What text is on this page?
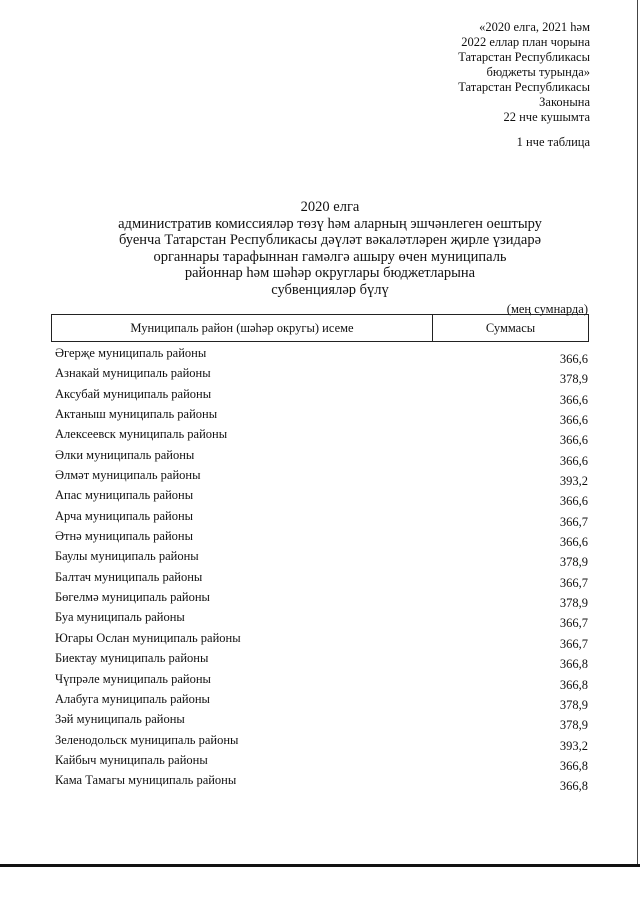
«2020 елга, 2021 һәм
2022 еллар план чорына
Татарстан Республикасы
бюджеты турында»
Татарстан Республикасы
Законына
22 нче кушымта
1 нче таблица
2020 елга
административ комиссияләр төзү һәм аларның эшчәнлеген оештыру
буенча Татарстан Республикасы дәүләт вәкаләтләрен җирле үзидарә
органнары тарафыннан гамәлгә ашыру өчен муниципаль
районнар һәм шәһәр округлары бюджетларына
субвенцияләр бүлү
(мең сумнарда)
Муниципаль район (шәһәр округы) исеме	Суммасы
Әгерҗе муниципаль районы	366,6
Азнакай муниципаль районы	378,9
Аксубай муниципаль районы	366,6
Актаныш муниципаль районы	366,6
Алексеевск муниципаль районы	366,6
Әлки муниципаль районы	366,6
Әлмәт муниципаль районы	393,2
Апас муниципаль районы	366,6
Арча муниципаль районы	366,7
Әтнә муниципаль районы	366,6
Баулы муниципаль районы	378,9
Балтач муниципаль районы	366,7
Бөгелмә муниципаль районы	378,9
Буа муниципаль районы	366,7
Югары Ослан муниципаль районы	366,7
Биектау муниципаль районы	366,8
Чүпрәле муниципаль районы	366,8
Алабуга муниципаль районы	378,9
Зәй муниципаль районы	378,9
Зеленодольск муниципаль районы	393,2
Кайбыч муниципаль районы	366,8
Кама Тамагы муниципаль районы	366,8
